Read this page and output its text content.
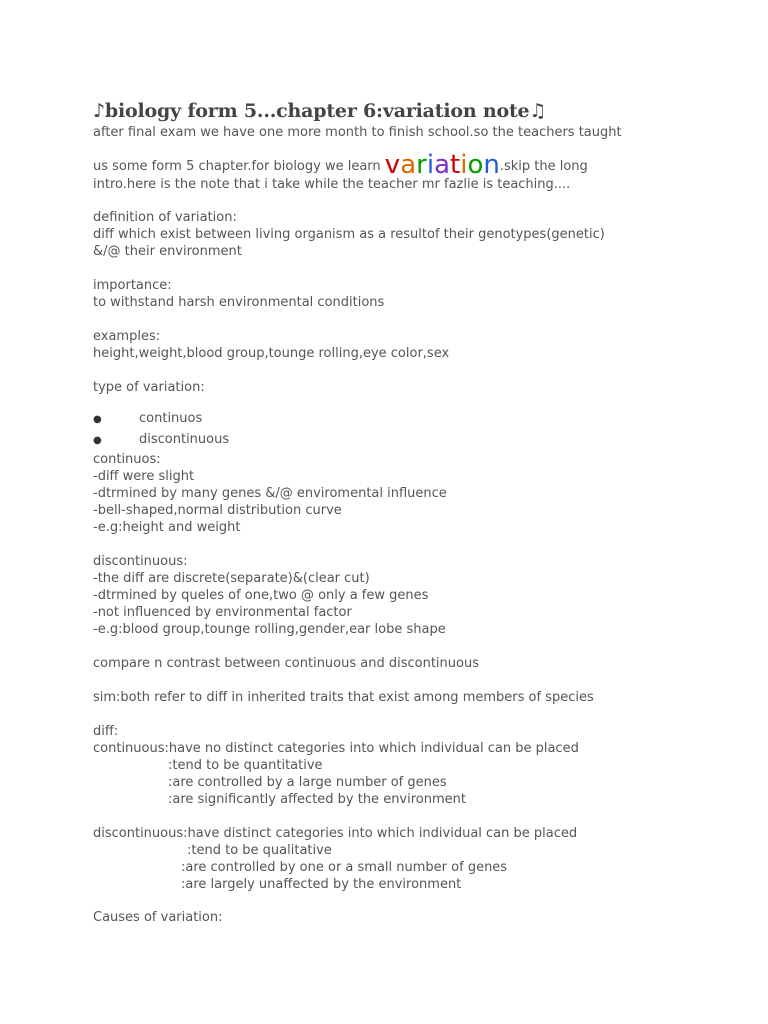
♪biology form 5...chapter 6:variation note♫
after final exam we have one more month to finish school.so the teachers taught
us some form 5 chapter.for biology we learn variation.skip the long
intro.here is the note that i take while the teacher mr fazlie is teaching....
definition of variation:
diff which exist between living organism as a resultof their genotypes(genetic)
&/@ their environment
importance:
to withstand harsh environmental conditions
examples:
height,weight,blood group,tounge rolling,eye color,sex
type of variation:
●	continuos
●	discontinuous
continuos:
-diff were slight
-dtrmined by many genes &/@ enviromental influence
-bell-shaped,normal distribution curve
-e.g:height and weight
discontinuous:
-the diff are discrete(separate)&(clear cut)
-dtrmined by queles of one,two @ only a few genes
-not influenced by environmental factor
-e.g:blood group,tounge rolling,gender,ear lobe shape
compare n contrast between continuous and discontinuous
sim:both refer to diff in inherited traits that exist among members of species
diff:
continuous:have no distinct categories into which individual can be placed
:tend to be quantitative
:are controlled by a large number of genes
:are significantly affected by the environment
discontinuous:have distinct categories into which individual can be placed
:tend to be qualitative
:are controlled by one or a small number of genes
:are largely unaffected by the environment
Causes of variation:
